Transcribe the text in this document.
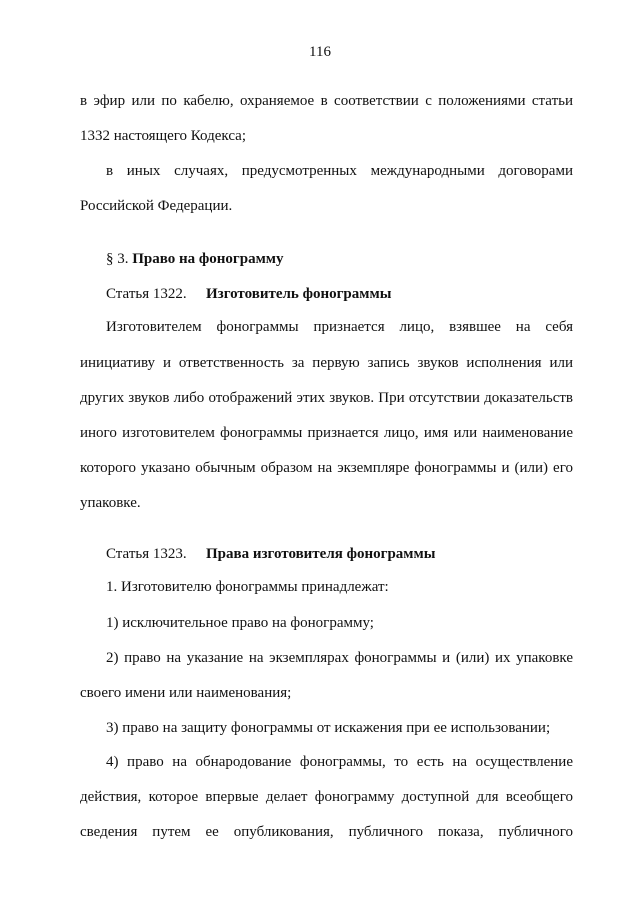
116
в эфир или по кабелю, охраняемое в соответствии с положениями статьи
1332 настоящего Кодекса;
в иных случаях, предусмотренных международными договорами
Российской Федерации.
§ 3. Право на фонограмму
Статья 1322. Изготовитель фонограммы
Изготовителем фонограммы признается лицо, взявшее на себя
инициативу и ответственность за первую запись звуков исполнения или
других звуков либо отображений этих звуков. При отсутствии доказательств
иного изготовителем фонограммы признается лицо, имя или наименование
которого указано обычным образом на экземпляре фонограммы и (или) его
упаковке.
Статья 1323. Права изготовителя фонограммы
1. Изготовителю фонограммы принадлежат:
1) исключительное право на фонограмму;
2) право на указание на экземплярах фонограммы и (или) их упаковке
своего имени или наименования;
3) право на защиту фонограммы от искажения при ее использовании;
4) право на обнародование фонограммы, то есть на осуществление
действия, которое впервые делает фонограмму доступной для всеобщего
сведения путем ее опубликования, публичного показа, публичного
